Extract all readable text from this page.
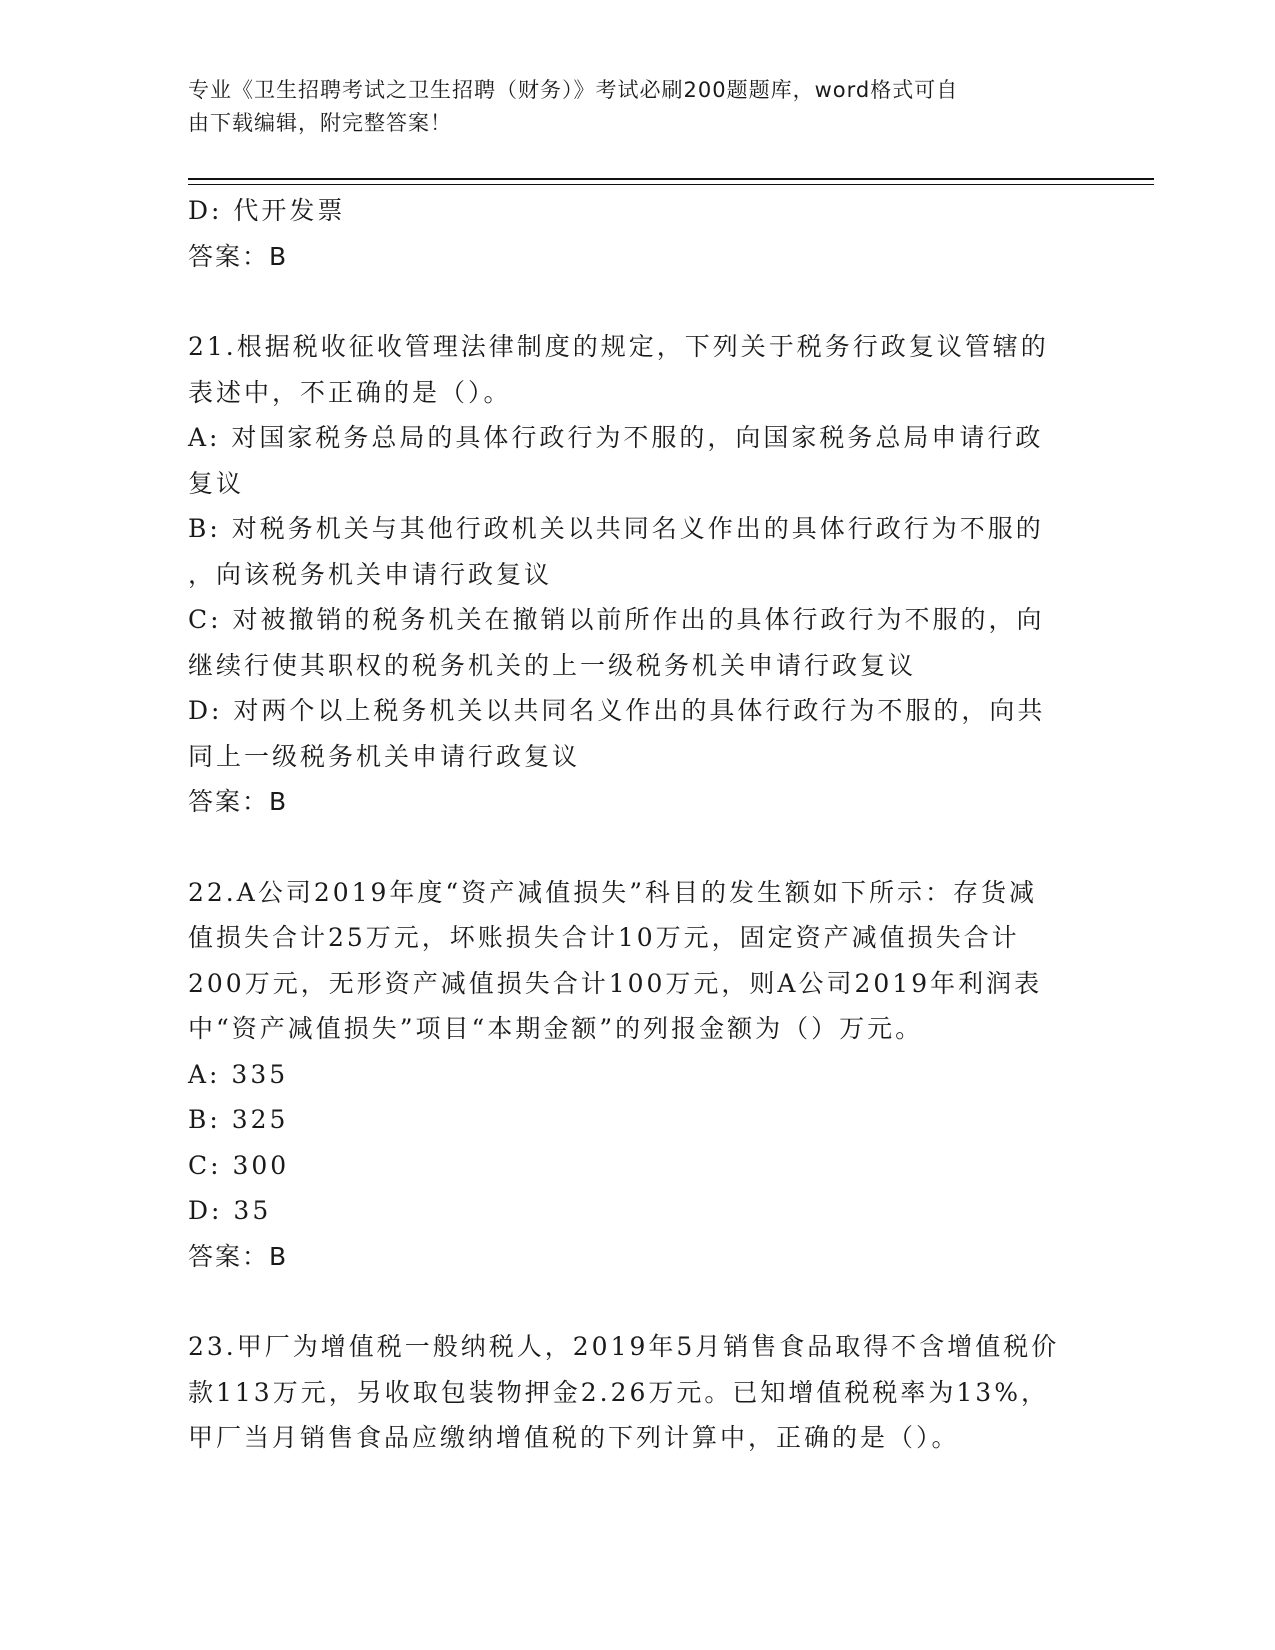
专业《卫生招聘考试之卫生招聘（财务）》考试必刷200题题库，word格式可自
由下载编辑，附完整答案！
D: 代开发票
答案：B
21.根据税收征收管理法律制度的规定，下列关于税务行政复议管辖的
表述中，不正确的是（）。
A: 对国家税务总局的具体行政行为不服的，向国家税务总局申请行政
复议
B: 对税务机关与其他行政机关以共同名义作出的具体行政行为不服的
，向该税务机关申请行政复议
C: 对被撤销的税务机关在撤销以前所作出的具体行政行为不服的，向
继续行使其职权的税务机关的上一级税务机关申请行政复议
D: 对两个以上税务机关以共同名义作出的具体行政行为不服的，向共
同上一级税务机关申请行政复议
答案：B
22.A公司2019年度“资产减值损失”科目的发生额如下所示：存货减
值损失合计25万元，坏账损失合计10万元，固定资产减值损失合计
200万元，无形资产减值损失合计100万元，则A公司2019年利润表
中“资产减值损失”项目“本期金额”的列报金额为（）万元。
A: 335
B: 325
C: 300
D: 35
答案：B
23.甲厂为增值税一般纳税人，2019年5月销售食品取得不含增值税价
款113万元，另收取包装物押金2.26万元。已知增值税税率为13%，
甲厂当月销售食品应缴纳增值税的下列计算中，正确的是（）。
